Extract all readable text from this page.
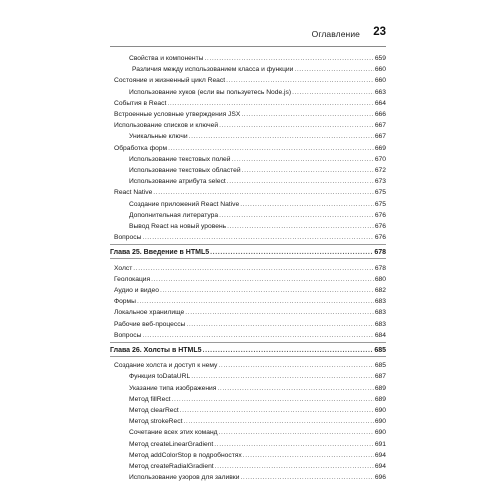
Оглавление 23
Свойства и компоненты .....	659
Различия между использованием класса и функции .....	660
Состояние и жизненный цикл React .....	660
Использование хуков (если вы пользуетесь Node.js) .....	663
События в React .....	664
Встроенные условные утверждения JSX .....	666
Использование списков и ключей .....	667
Уникальные ключи .....	667
Обработка форм .....	669
Использование текстовых полей .....	670
Использование текстовых областей .....	672
Использование атрибута select .....	673
React Native .....	675
Создание приложений React Native .....	675
Дополнительная литература .....	676
Вывод React на новый уровень .....	676
Вопросы .....	676
Глава 25. Введение в HTML5 .....	678
Холст .....	678
Геолокация .....	680
Аудио и видео .....	682
Формы .....	683
Локальное хранилище .....	683
Рабочие веб-процессы .....	683
Вопросы .....	684
Глава 26. Холсты в HTML5 .....	685
Создание холста и доступ к нему .....	685
Функция toDataURL .....	687
Указание типа изображения .....	689
Метод fillRect .....	689
Метод clearRect .....	690
Метод strokeRect .....	690
Сочетание всех этих команд .....	690
Метод createLinearGradient .....	691
Метод addColorStop в подробностях .....	694
Метод createRadialGradient .....	694
Использование узоров для заливки .....	696
